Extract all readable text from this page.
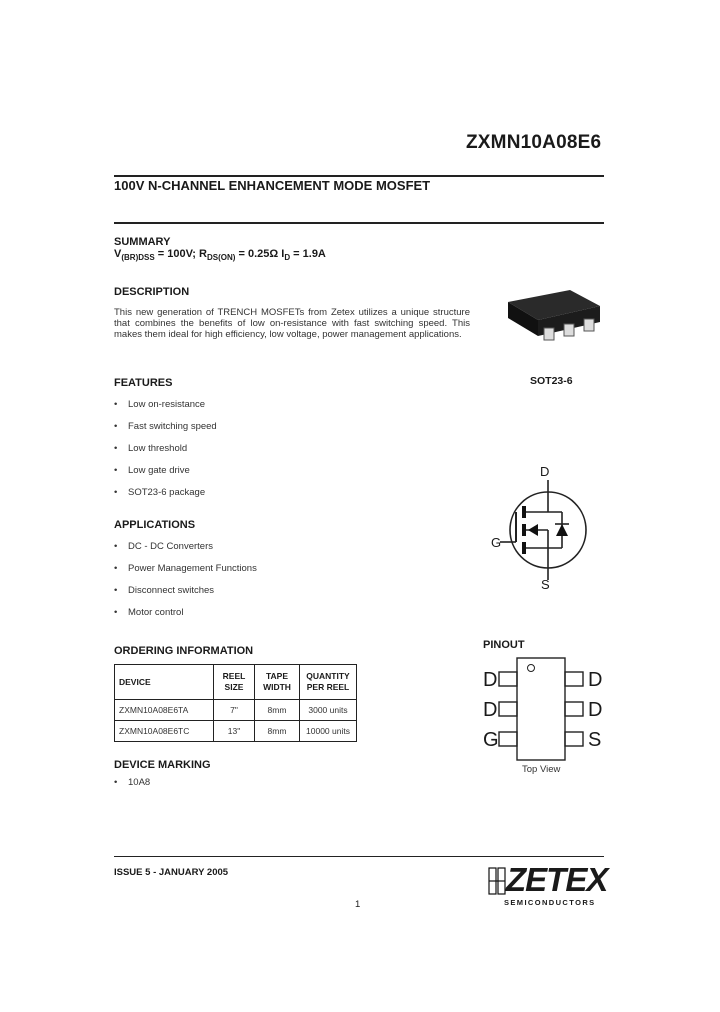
ZXMN10A08E6
100V N-CHANNEL ENHANCEMENT MODE MOSFET
SUMMARY
$V_{(BR)DSS} = 100V$; $R_{DS(ON)} = 0.25\Omega$ $I_D = 1.9A$
DESCRIPTION
This new generation of TRENCH MOSFETs from Zetex utilizes a unique structure that combines the benefits of low on-resistance with fast switching speed. This makes them ideal for high efficiency, low voltage, power management applications.
SOT23-6
FEATURES
Low on-resistance
Fast switching speed
Low threshold
Low gate drive
SOT23-6 package
D
G
S
APPLICATIONS
DC - DC Converters
Power Management Functions
Disconnect switches
Motor control
ORDERING INFORMATION
DEVICE	REEL SIZE	TAPE WIDTH	QUANTITY PER REEL
ZXMN10A08E6TA	7"	8mm	3000 units
ZXMN10A08E6TC	13"	8mm	10000 units
PINOUT
D
D
G
D
D
S
Top View
DEVICE MARKING
10A8
ISSUE 5 - JANUARY 2005	ZETEX
SEMICONDUCTORS
1
